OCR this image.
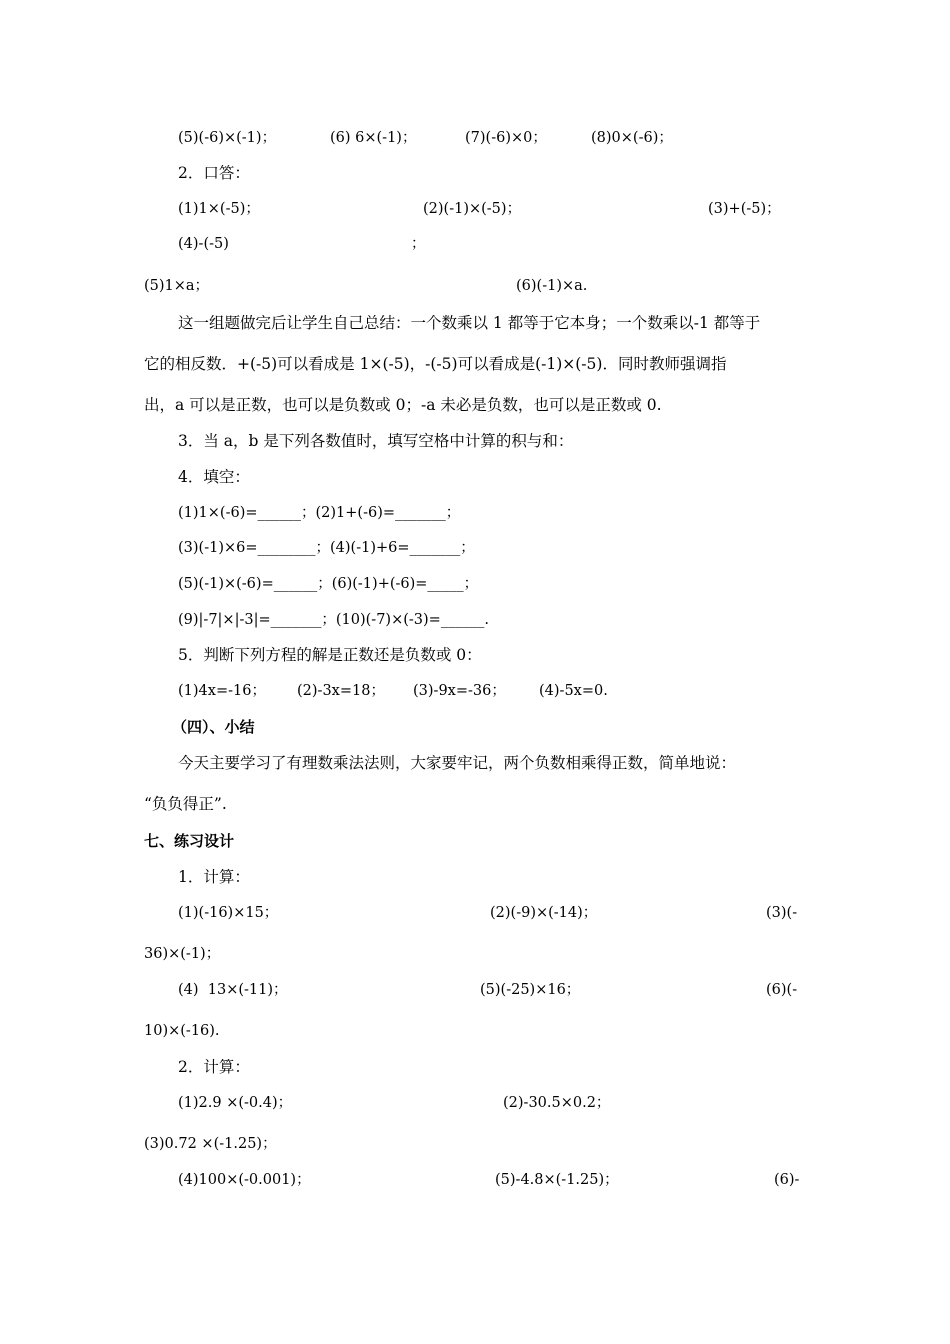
(5)(-6)×(-1)；	(6) 6×(-1)；	(7)(-6)×0；	(8)0×(-6)；
2．口答：
(1)1×(-5)；	(2)(-1)×(-5)；	(3)+(-5)；
(4)-(-5)	；
(5)1×a；	(6)(-1)×a.
这一组题做完后让学生自己总结：一个数乘以 1 都等于它本身；一个数乘以-1 都等于
它的相反数．+(-5)可以看成是 1×(-5)，-(-5)可以看成是(-1)×(-5)．同时教师强调指
出，a 可以是正数，也可以是负数或 0；-a 未必是负数，也可以是正数或 0.
3．当 a，b 是下列各数值时，填写空格中计算的积与和：
4．填空：
(1)1×(-6)=______；(2)1+(-6)=_______；
(3)(-1)×6=________；(4)(-1)+6=_______；
(5)(-1)×(-6)=______；(6)(-1)+(-6)=_____；
(9)|-7|×|-3|=_______；(10)(-7)×(-3)=______.
5．判断下列方程的解是正数还是负数或 0：
(1)4x=-16； (2)-3x=18； (3)-9x=-36； (4)-5x=0.
（四）、小结
今天主要学习了有理数乘法法则，大家要牢记，两个负数相乘得正数，简单地说：
“负负得正”.
七、练习设计
1．计算：
(1)(-16)×15；	(2)(-9)×(-14)；	(3)(-
36)×(-1)；
(4)  13×(-11)；	(5)(-25)×16；	(6)(-
10)×(-16).
2．计算：
(1)2.9 ×(-0.4)；	(2)-30.5×0.2；
(3)0.72 ×(-1.25)；
(4)100×(-0.001)；	(5)-4.8×(-1.25)；	(6)-
